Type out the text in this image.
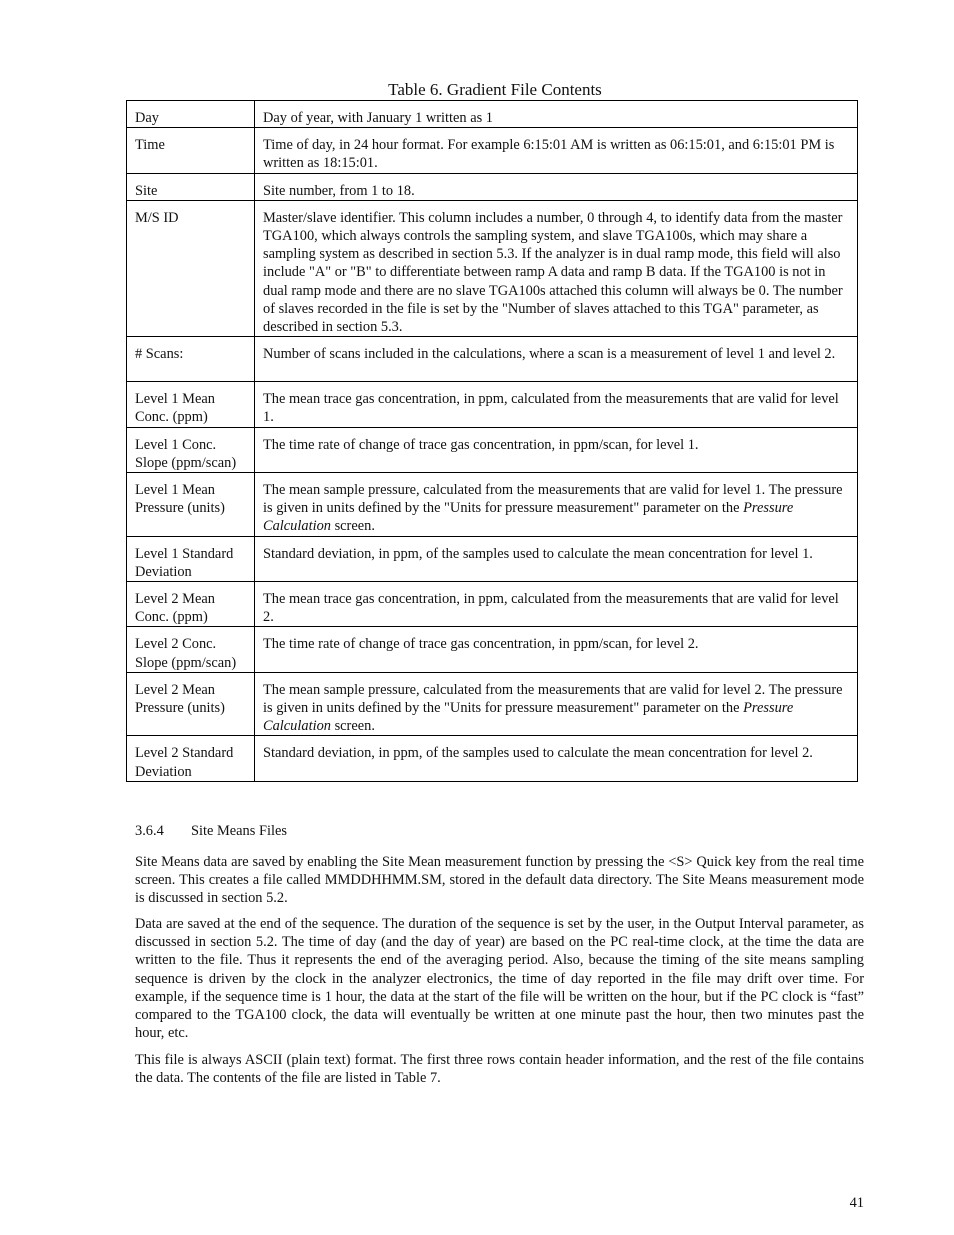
Table 6. Gradient File Contents
Day	Day of year, with January 1 written as 1
Time	Time of day, in 24 hour format. For example 6:15:01 AM is written as 06:15:01, and 6:15:01 PM is written as 18:15:01.
Site	Site number, from 1 to 18.
M/S ID	Master/slave identifier. This column includes a number, 0 through 4, to identify data from the master TGA100, which always controls the sampling system, and slave TGA100s, which may share a sampling system as described in section 5.3. If the analyzer is in dual ramp mode, this field will also include "A" or "B" to differentiate between ramp A data and ramp B data. If the TGA100 is not in dual ramp mode and there are no slave TGA100s attached this column will always be 0. The number of slaves recorded in the file is set by the "Number of slaves attached to this TGA" parameter, as described in section 5.3.
# Scans:	Number of scans included in the calculations, where a scan is a measurement of level 1 and level 2.
Level 1 Mean Conc. (ppm)	The mean trace gas concentration, in ppm, calculated from the measurements that are valid for level 1.
Level 1 Conc. Slope (ppm/scan)	The time rate of change of trace gas concentration, in ppm/scan, for level 1.
Level 1 Mean Pressure (units)	The mean sample pressure, calculated from the measurements that are valid for level 1. The pressure is given in units defined by the "Units for pressure measurement" parameter on the Pressure Calculation screen.
Level 1 Standard Deviation	Standard deviation, in ppm, of the samples used to calculate the mean concentration for level 1.
Level 2 Mean Conc. (ppm)	The mean trace gas concentration, in ppm, calculated from the measurements that are valid for level 2.
Level 2 Conc. Slope (ppm/scan)	The time rate of change of trace gas concentration, in ppm/scan, for level 2.
Level 2 Mean Pressure (units)	The mean sample pressure, calculated from the measurements that are valid for level 2. The pressure is given in units defined by the "Units for pressure measurement" parameter on the Pressure Calculation screen.
Level 2 Standard Deviation	Standard deviation, in ppm, of the samples used to calculate the mean concentration for level 2.
3.6.4 Site Means Files

Site Means data are saved by enabling the Site Mean measurement function by pressing the <S> Quick key from the real time screen. This creates a file called MMDDHHMM.SM, stored in the default data directory. The Site Means measurement mode is discussed in section 5.2.

Data are saved at the end of the sequence. The duration of the sequence is set by the user, in the Output Interval parameter, as discussed in section 5.2. The time of day (and the day of year) are based on the PC real-time clock, at the time the data are written to the file. Thus it represents the end of the averaging period. Also, because the timing of the site means sampling sequence is driven by the clock in the analyzer electronics, the time of day reported in the file may drift over time. For example, if the sequence time is 1 hour, the data at the start of the file will be written on the hour, but if the PC clock is “fast” compared to the TGA100 clock, the data will eventually be written at one minute past the hour, then two minutes past the hour, etc.

This file is always ASCII (plain text) format. The first three rows contain header information, and the rest of the file contains the data. The contents of the file are listed in Table 7.

41
